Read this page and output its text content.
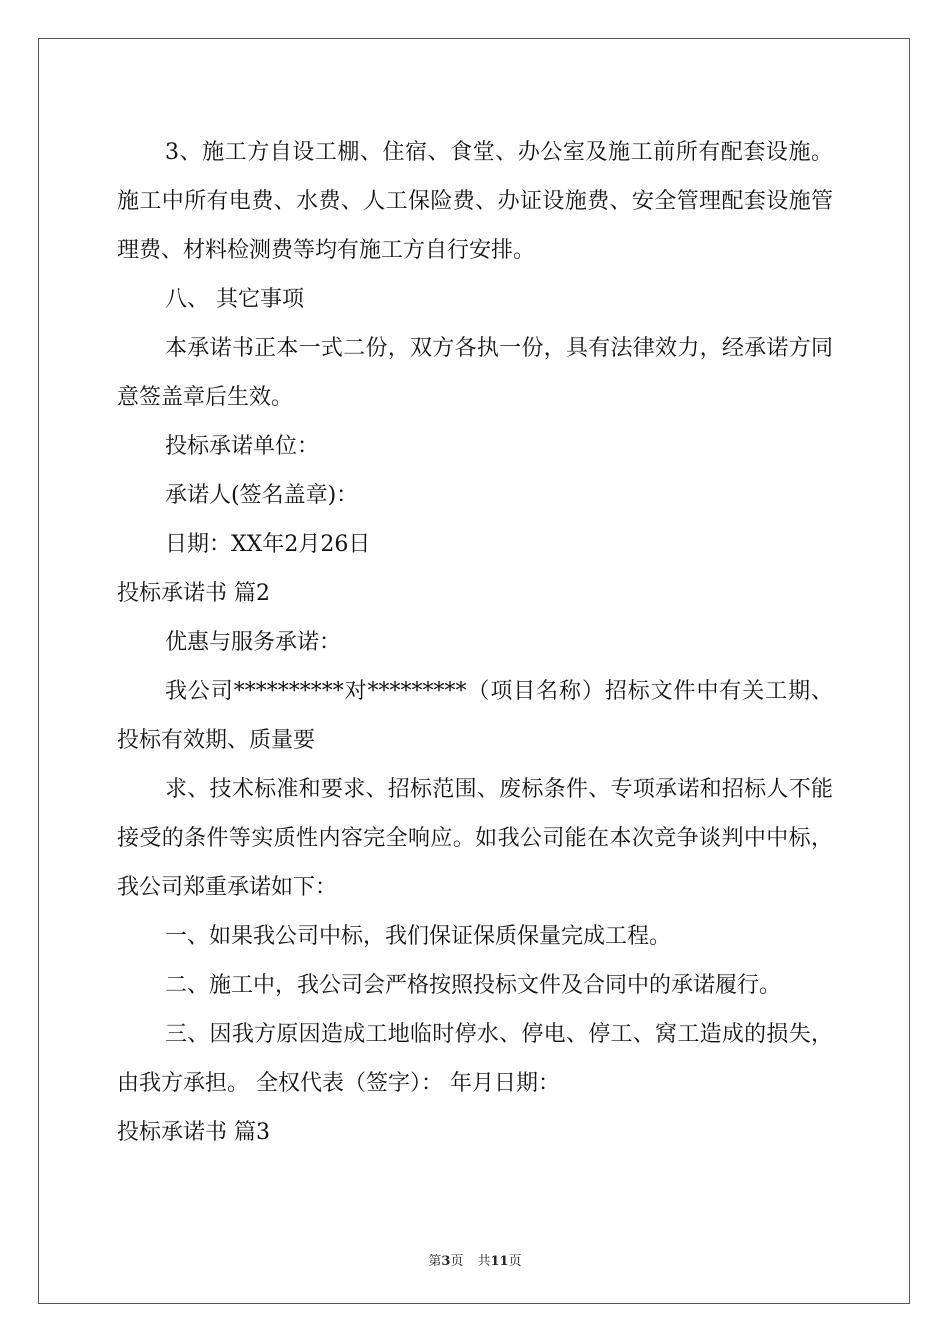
3、施工方自设工棚、住宿、食堂、办公室及施工前所有配套设施。施工中所有电费、水费、人工保险费、办证设施费、安全管理配套设施管理费、材料检测费等均有施工方自行安排。

八、 其它事项

本承诺书正本一式二份，双方各执一份，具有法律效力，经承诺方同意签盖章后生效。

投标承诺单位：

承诺人(签名盖章)：

日期：XX年2月26日

投标承诺书 篇2

优惠与服务承诺：

我公司**********对*********（项目名称）招标文件中有关工期、投标有效期、质量要

求、技术标准和要求、招标范围、废标条件、专项承诺和招标人不能接受的条件等实质性内容完全响应。如我公司能在本次竞争谈判中中标，我公司郑重承诺如下：

一、如果我公司中标，我们保证保质保量完成工程。

二、施工中，我公司会严格按照投标文件及合同中的承诺履行。

三、因我方原因造成工地临时停水、停电、停工、窝工造成的损失，由我方承担。 全权代表（签字）： 年月日期：

投标承诺书 篇3

第3页 共11页
